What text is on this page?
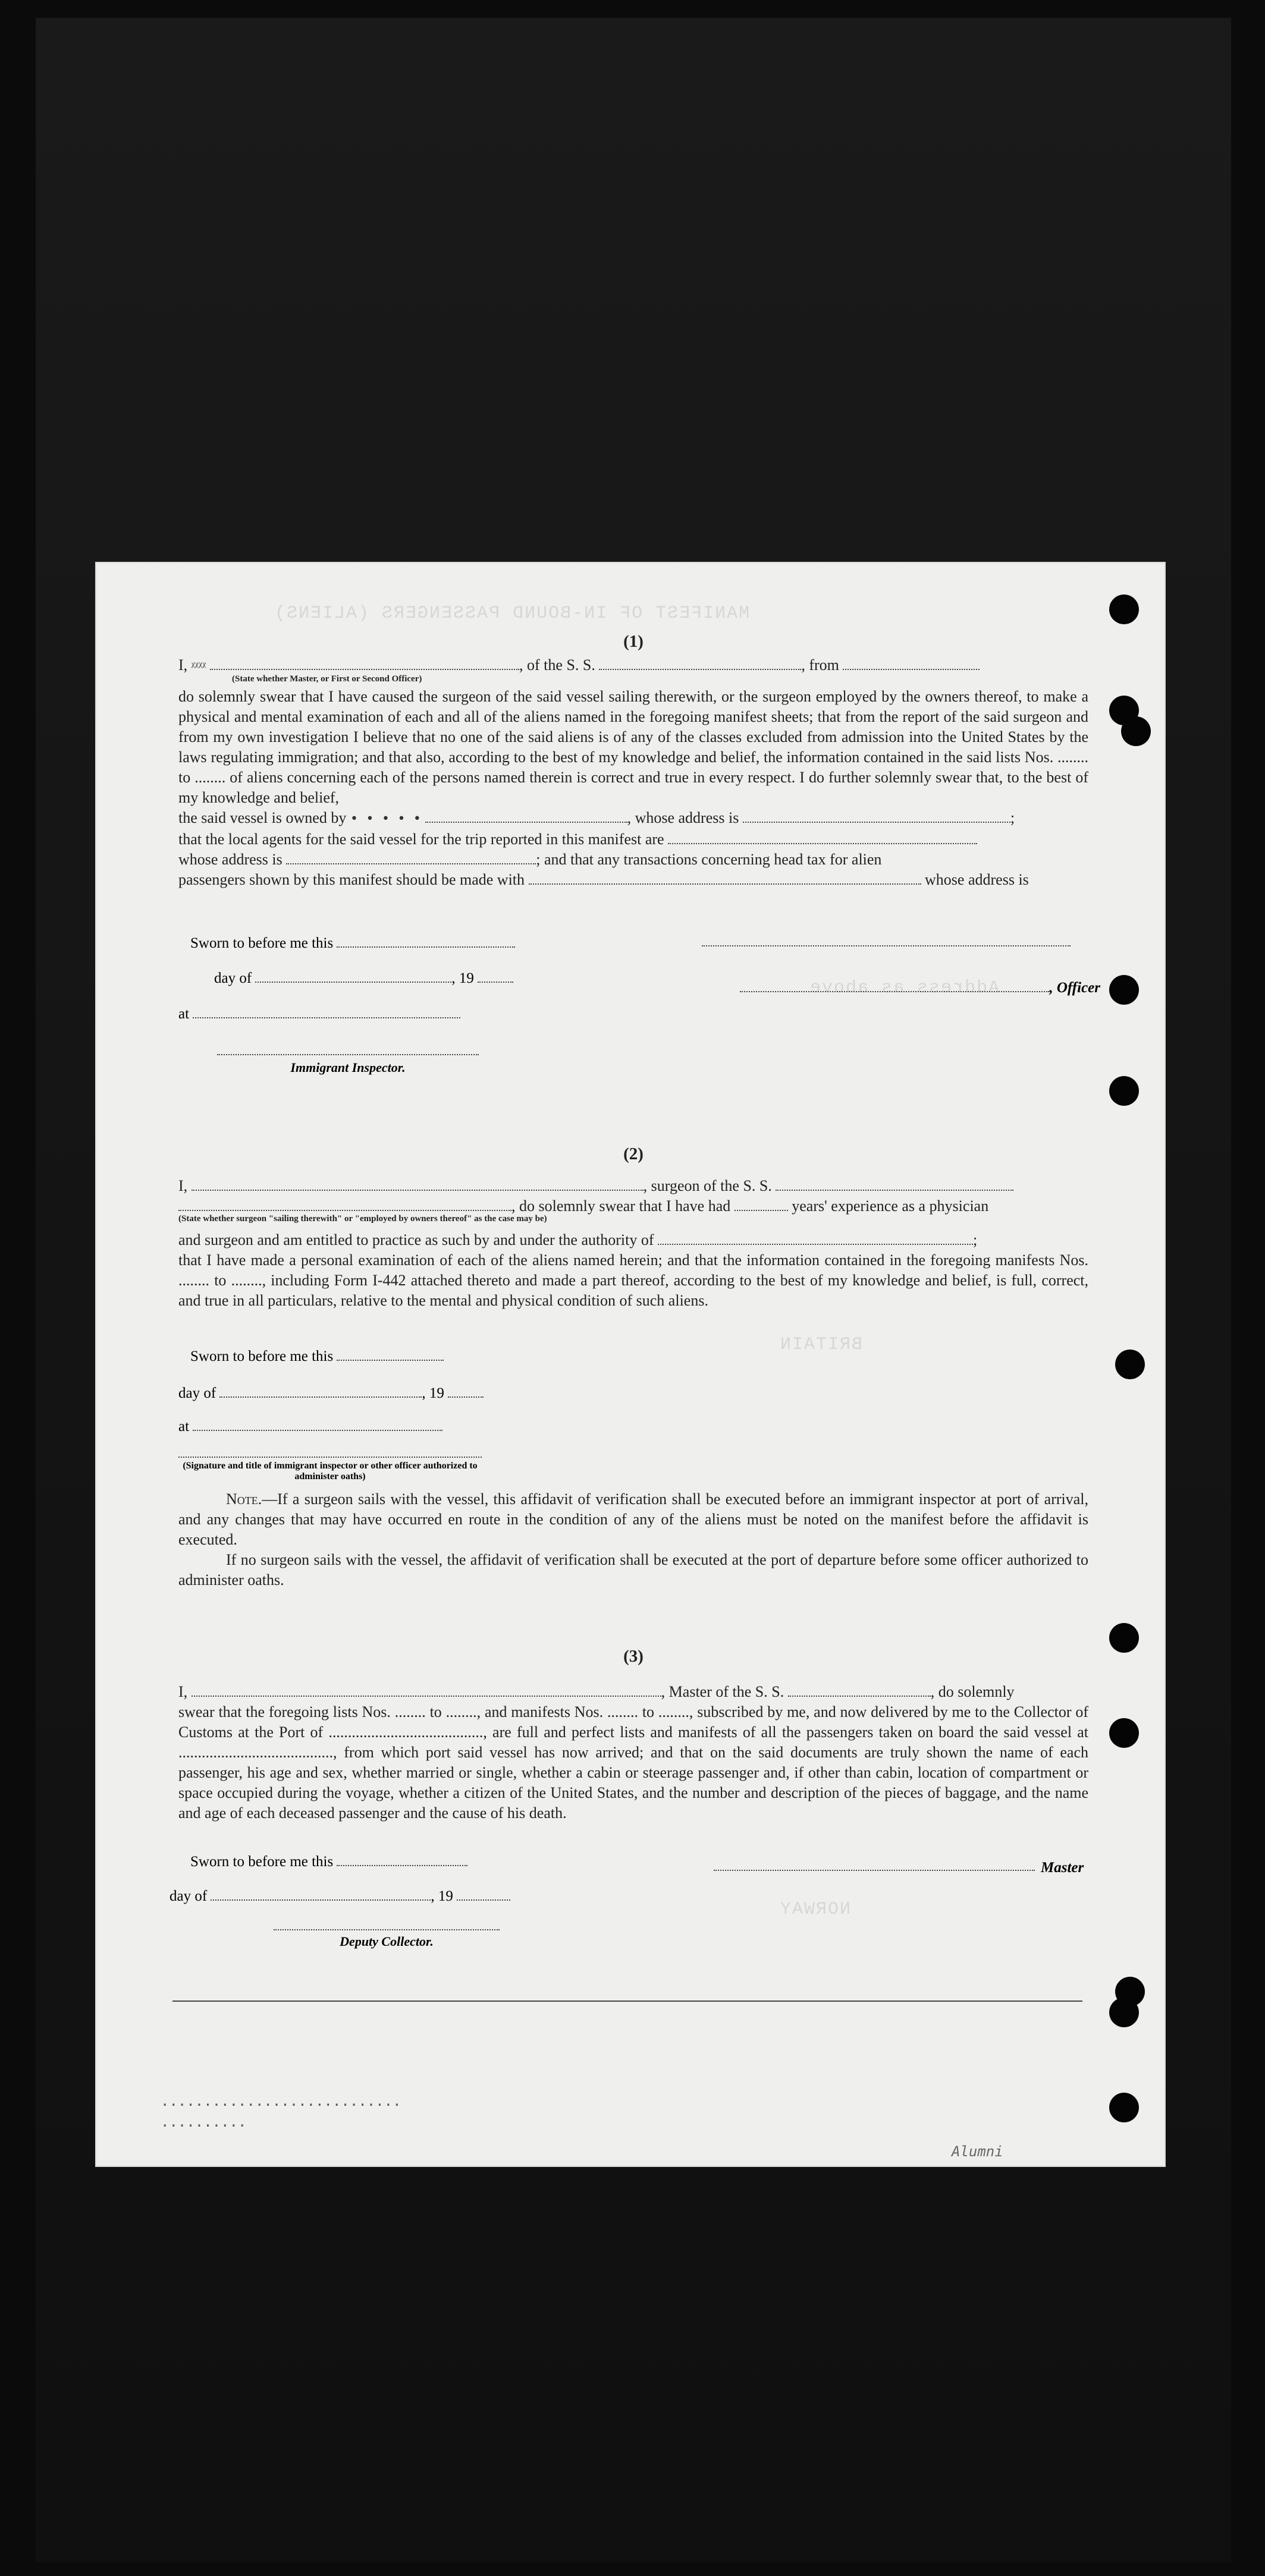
MANIFEST OF IN-BOUND PASSENGERS (ALIENS)
Address as above
BRITAIN
NORWAY
(1)
I, ᵡᵡᵡᵡ	, of the S. S.	, from
(State whether Master, or First or Second Officer)
do solemnly swear that I have caused the surgeon of the said vessel sailing therewith, or the surgeon employed by the owners thereof, to make a physical and mental examination of each and all of the aliens named in the foregoing manifest sheets; that from the report of the said surgeon and from my own investigation I believe that no one of the said aliens is of any of the classes excluded from admission into the United States by the laws regulating immigration; and that also, according to the best of my knowledge and belief, the information contained in the said lists Nos. ........ to ........ of aliens concerning each of the persons named therein is correct and true in every respect. I do further solemnly swear that, to the best of my knowledge and belief,
the said vessel is owned by • • • • •	, whose address is	;
that the local agents for the said vessel for the trip reported in this manifest are
whose address is	; and that any transactions concerning head tax for alien
passengers shown by this manifest should be made with	whose address is
Sworn to before me this
day of	, 19
at
Immigrant Inspector.
, Officer
(2)
I,	, surgeon of the S. S.
, do solemnly swear that I have had	years' experience as a physician
(State whether surgeon "sailing therewith" or "employed by owners thereof" as the case may be)
and surgeon and am entitled to practice as such by and under the authority of	;
that I have made a personal examination of each of the aliens named herein; and that the information contained in the foregoing manifests Nos. ........ to ........, including Form I-442 attached thereto and made a part thereof, according to the best of my knowledge and belief, is full, correct, and true in all particulars, relative to the mental and physical condition of such aliens.
Sworn to before me this
day of	, 19
at
(Signature and title of immigrant inspector or other officer authorized to administer oaths)
Note.—If a surgeon sails with the vessel, this affidavit of verification shall be executed before an immigrant inspector at port of arrival, and any changes that may have occurred en route in the condition of any of the aliens must be noted on the manifest before the affidavit is executed.
If no surgeon sails with the vessel, the affidavit of verification shall be executed at the port of departure before some officer authorized to administer oaths.
(3)
I,	, Master of the S. S.	, do solemnly
swear that the foregoing lists Nos. ........ to ........, and manifests Nos. ........ to ........, subscribed by me, and now delivered by me to the Collector of Customs at the Port of ........................................, are full and perfect lists and manifests of all the passengers taken on board the said vessel at ........................................, from which port said vessel has now arrived; and that on the said documents are truly shown the name of each passenger, his age and sex, whether married or single, whether a cabin or steerage passenger and, if other than cabin, location of compartment or space occupied during the voyage, whether a citizen of the United States, and the number and description of the pieces of baggage, and the name and age of each deceased passenger and the cause of his death.
Master
Sworn to before me this
day of	, 19
Deputy Collector.
............................
..........
Alumni
